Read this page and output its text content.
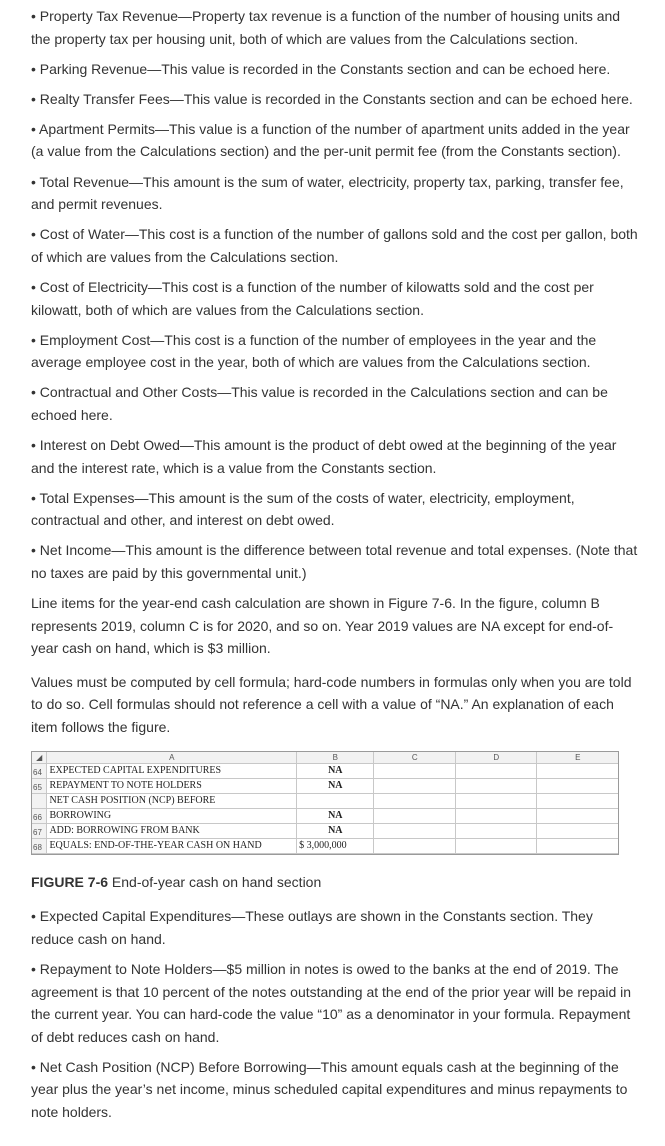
• Property Tax Revenue—Property tax revenue is a function of the number of housing units and the property tax per housing unit, both of which are values from the Calculations section.

• Parking Revenue—This value is recorded in the Constants section and can be echoed here.

• Realty Transfer Fees—This value is recorded in the Constants section and can be echoed here.

• Apartment Permits—This value is a function of the number of apartment units added in the year (a value from the Calculations section) and the per-unit permit fee (from the Constants section).

• Total Revenue—This amount is the sum of water, electricity, property tax, parking, transfer fee, and permit revenues.

• Cost of Water—This cost is a function of the number of gallons sold and the cost per gallon, both of which are values from the Calculations section.

• Cost of Electricity—This cost is a function of the number of kilowatts sold and the cost per kilowatt, both of which are values from the Calculations section.

• Employment Cost—This cost is a function of the number of employees in the year and the average employee cost in the year, both of which are values from the Calculations section.

• Contractual and Other Costs—This value is recorded in the Calculations section and can be echoed here.

• Interest on Debt Owed—This amount is the product of debt owed at the beginning of the year and the interest rate, which is a value from the Constants section.

• Total Expenses—This amount is the sum of the costs of water, electricity, employment, contractual and other, and interest on debt owed.

• Net Income—This amount is the difference between total revenue and total expenses. (Note that no taxes are paid by this governmental unit.)

Line items for the year-end cash calculation are shown in Figure 7-6. In the figure, column B represents 2019, column C is for 2020, and so on. Year 2019 values are NA except for end-of-year cash on hand, which is $3 million.

Values must be computed by cell formula; hard-code numbers in formulas only when you are told to do so. Cell formulas should not reference a cell with a value of “NA.” An explanation of each item follows the figure.

◢	A	B	C	D	E
64	EXPECTED CAPITAL EXPENDITURES	NA			
65	REPAYMENT TO NOTE HOLDERS	NA			
	NET CASH POSITION (NCP) BEFORE				
66	BORROWING	NA			
67	ADD: BORROWING FROM BANK	NA			
68	EQUALS: END-OF-THE-YEAR CASH ON HAND	$ 3,000,000			

FIGURE 7-6 End-of-year cash on hand section

• Expected Capital Expenditures—These outlays are shown in the Constants section. They reduce cash on hand.

• Repayment to Note Holders—$5 million in notes is owed to the banks at the end of 2019. The agreement is that 10 percent of the notes outstanding at the end of the prior year will be repaid in the current year. You can hard-code the value “10” as a denominator in your formula. Repayment of debt reduces cash on hand.

• Net Cash Position (NCP) Before Borrowing—This amount equals cash at the beginning of the year plus the year’s net income, minus scheduled capital expenditures and minus repayments to note holders.
